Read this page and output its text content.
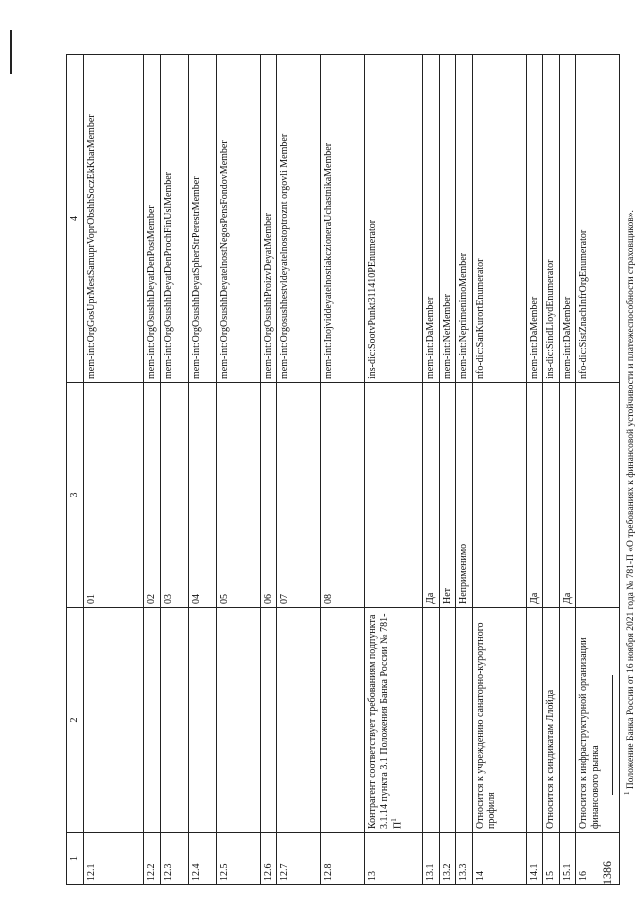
1386
1	2	3	4
12.1		01	mem-int:OrgGosUprMestSamuprVoprObshhSoczEkKharMember
12.2		02	mem-int:OrgOsushhDeyatDenPostMember
12.3		03	mem-int:OrgOsushhDeyatDenProchFinUslMember
12.4		04	mem-int:OrgOsushhDeyatSpherStrPerestrMember
12.5		05	mem-int:OrgOsushhDeyatelnostNegosPensFondovMember
12.6		06	mem-int:OrgOsushhProizvDeyatMember
12.7		07	mem-int:Orgosushhestvldeyatelnostoptroznt orgovli Member
12.8		08	mem-int:InojviddeyatelnostiakczioneraUchastnikaMember
13	Контрагент соответствует требованиям подпункта 3.1.14 пункта 3.1 Положения Банка России № $781-П^1$		ins-dic:SootvPunkt311410PEnumerator
13.1		Да	mem-int:DaMember
13.2		Нет	mem-int:NetMember
13.3		Неприменимо	mem-int:NeprimenimoMember
14	Относится к учреждению санаторно-курортного профиля		nfo-dic:SanKurortEnumerator
14.1		Да	mem-int:DaMember
15	Относится к синдикатам Ллойда		ins-dic:SindLloydEnumerator
15.1		Да	mem-int:DaMember
16	Относится к инфраструктурной организации финансового рынка		nfo-dic:SistZnachInfrOrgEnumerator
$^1$ Положение Банка России от 16 ноября 2021 года № 781-П «О требованиях к финансовой устойчивости и платежеспособности страховщиков».
